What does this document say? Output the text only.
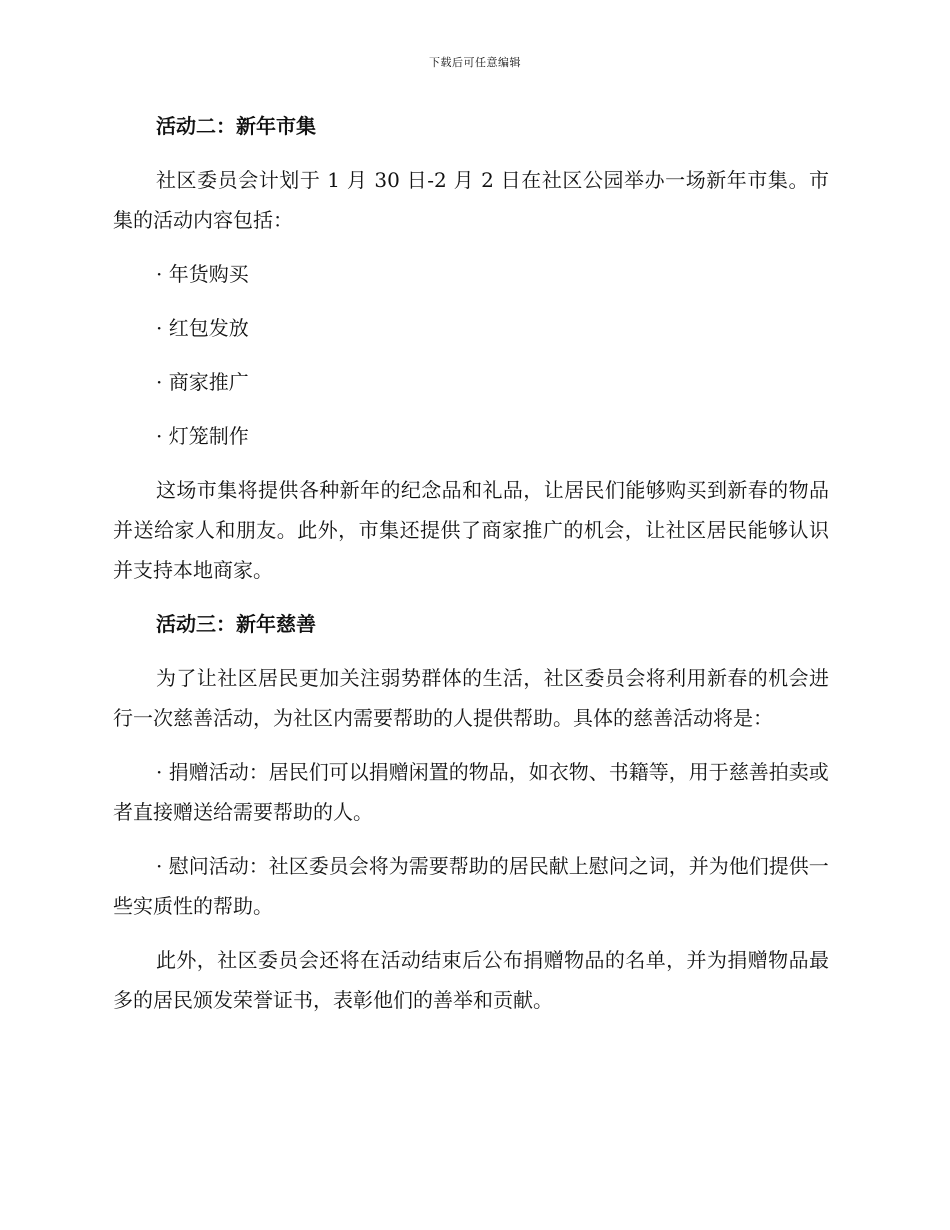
下载后可任意编辑

活动二：新年市集

社区委员会计划于 1 月 30 日-2 月 2 日在社区公园举办一场新年市集。市集的活动内容包括：

· 年货购买

· 红包发放

· 商家推广

· 灯笼制作

这场市集将提供各种新年的纪念品和礼品，让居民们能够购买到新春的物品并送给家人和朋友。此外，市集还提供了商家推广的机会，让社区居民能够认识并支持本地商家。

活动三：新年慈善

为了让社区居民更加关注弱势群体的生活，社区委员会将利用新春的机会进行一次慈善活动，为社区内需要帮助的人提供帮助。具体的慈善活动将是：

· 捐赠活动：居民们可以捐赠闲置的物品，如衣物、书籍等，用于慈善拍卖或者直接赠送给需要帮助的人。

· 慰问活动：社区委员会将为需要帮助的居民献上慰问之词，并为他们提供一些实质性的帮助。

此外，社区委员会还将在活动结束后公布捐赠物品的名单，并为捐赠物品最多的居民颁发荣誉证书，表彰他们的善举和贡献。
